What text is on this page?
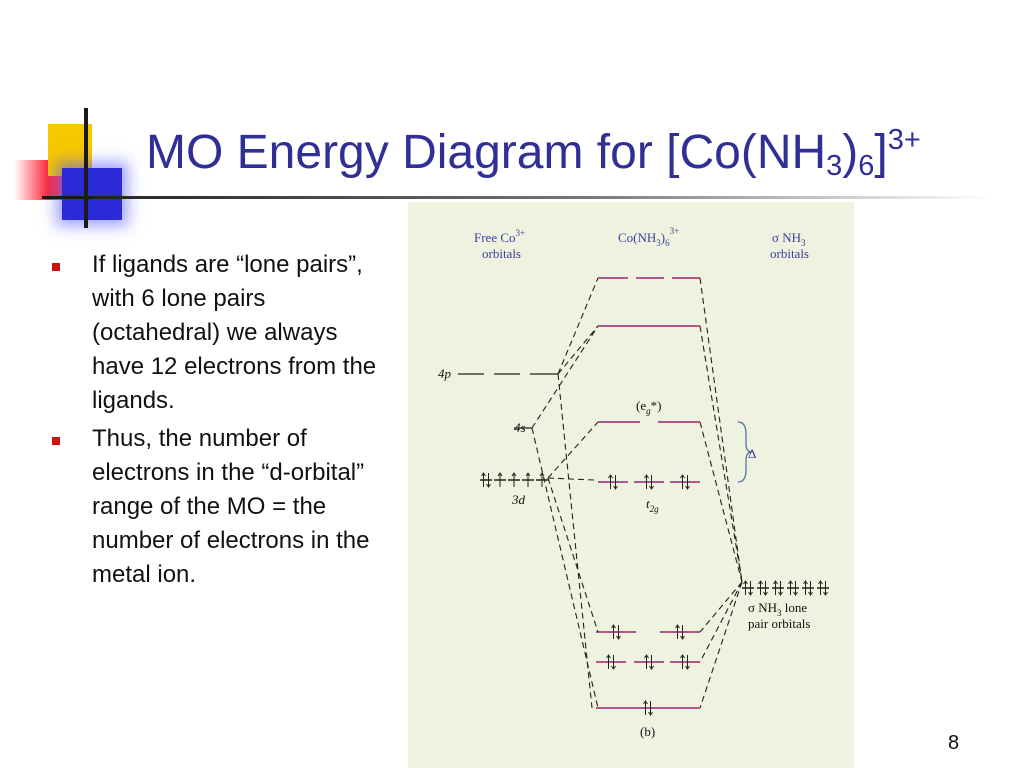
MO Energy Diagram for $[Co(NH_3)_6]^{3+}$
If ligands are “lone pairs”, with 6 lone pairs (octahedral) we always have 12 electrons from the ligands.
Thus, the number of electrons in the “d-orbital” range of the MO = the number of electrons in the metal ion.
Free $Co^{3+}$
orbitals
$Co(NH_3)_6^{3+}$	σ $NH_3$
orbitals
4p
4s
3d
$(e_g*)$
$t_{2g}$
Δ
σ $NH_3$ lone
pair orbitals
(b)
8
